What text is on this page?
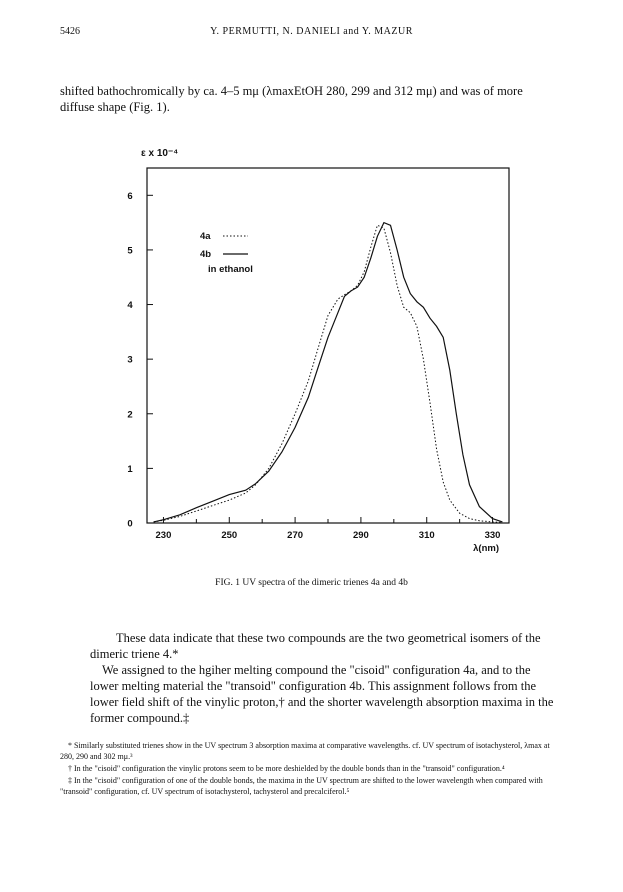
5426	Y. PERMUTTI, N. DANIELI and Y. MAZUR
shifted bathochromically by ca. 4–5 mμ (λmaxEtOH 280, 299 and 312 mμ) and was of more diffuse shape (Fig. 1).
230	250	270	290	310	330
0
1
2
3
4
5
6
λ(nm)
4a
4b
in ethanol
ε x 10⁻⁴
FIG. 1 UV spectra of the dimeric trienes 4a and 4b

These data indicate that these two compounds are the two geometrical isomers of the dimeric triene 4.*

We assigned to the hgiher melting compound the "cisoid" configuration 4a, and to the lower melting material the "transoid" configuration 4b. This assignment follows from the lower field shift of the vinylic proton,† and the shorter wavelength absorption maxima in the former compound.‡

* Similarly substituted trienes show in the UV spectrum 3 absorption maxima at comparative wavelengths. cf. UV spectrum of isotachysterol, λmax at 280, 290 and 302 mμ.³

† In the "cisoid" configuration the vinylic protons seem to be more deshielded by the double bonds than in the "transoid" configuration.⁴

‡ In the "cisoid" configuration of one of the double bonds, the maxima in the UV spectrum are shifted to the lower wavelength when compared with "transoid" configuration, cf. UV spectrum of isotachysterol, tachysterol and precalciferol.⁵
